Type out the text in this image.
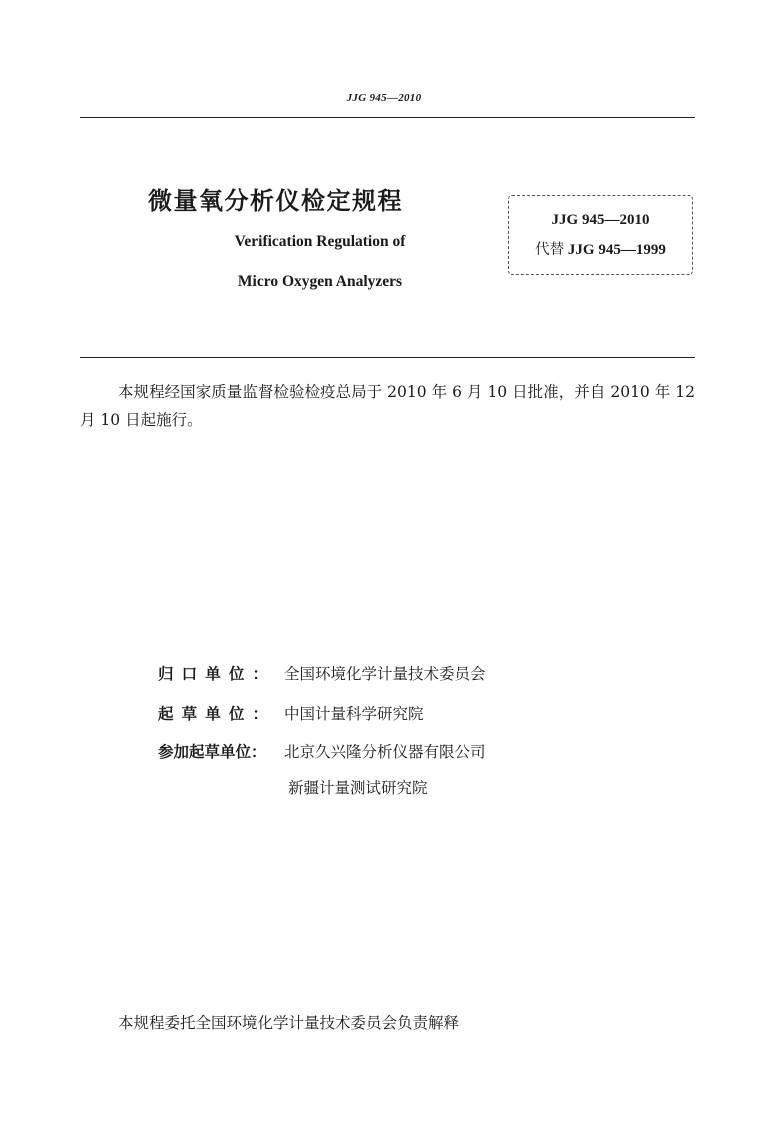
JJG 945—2010
微量氧分析仪检定规程
Verification Regulation of
Micro Oxygen Analyzers
JJG 945—2010
代替 JJG 945—1999
本规程经国家质量监督检验检疫总局于 2010 年 6 月 10 日批准，并自 2010 年 12 月 10 日起施行。
归口单位： 全国环境化学计量技术委员会
起草单位： 中国计量科学研究院
参加起草单位： 北京久兴隆分析仪器有限公司
新疆计量测试研究院
本规程委托全国环境化学计量技术委员会负责解释
